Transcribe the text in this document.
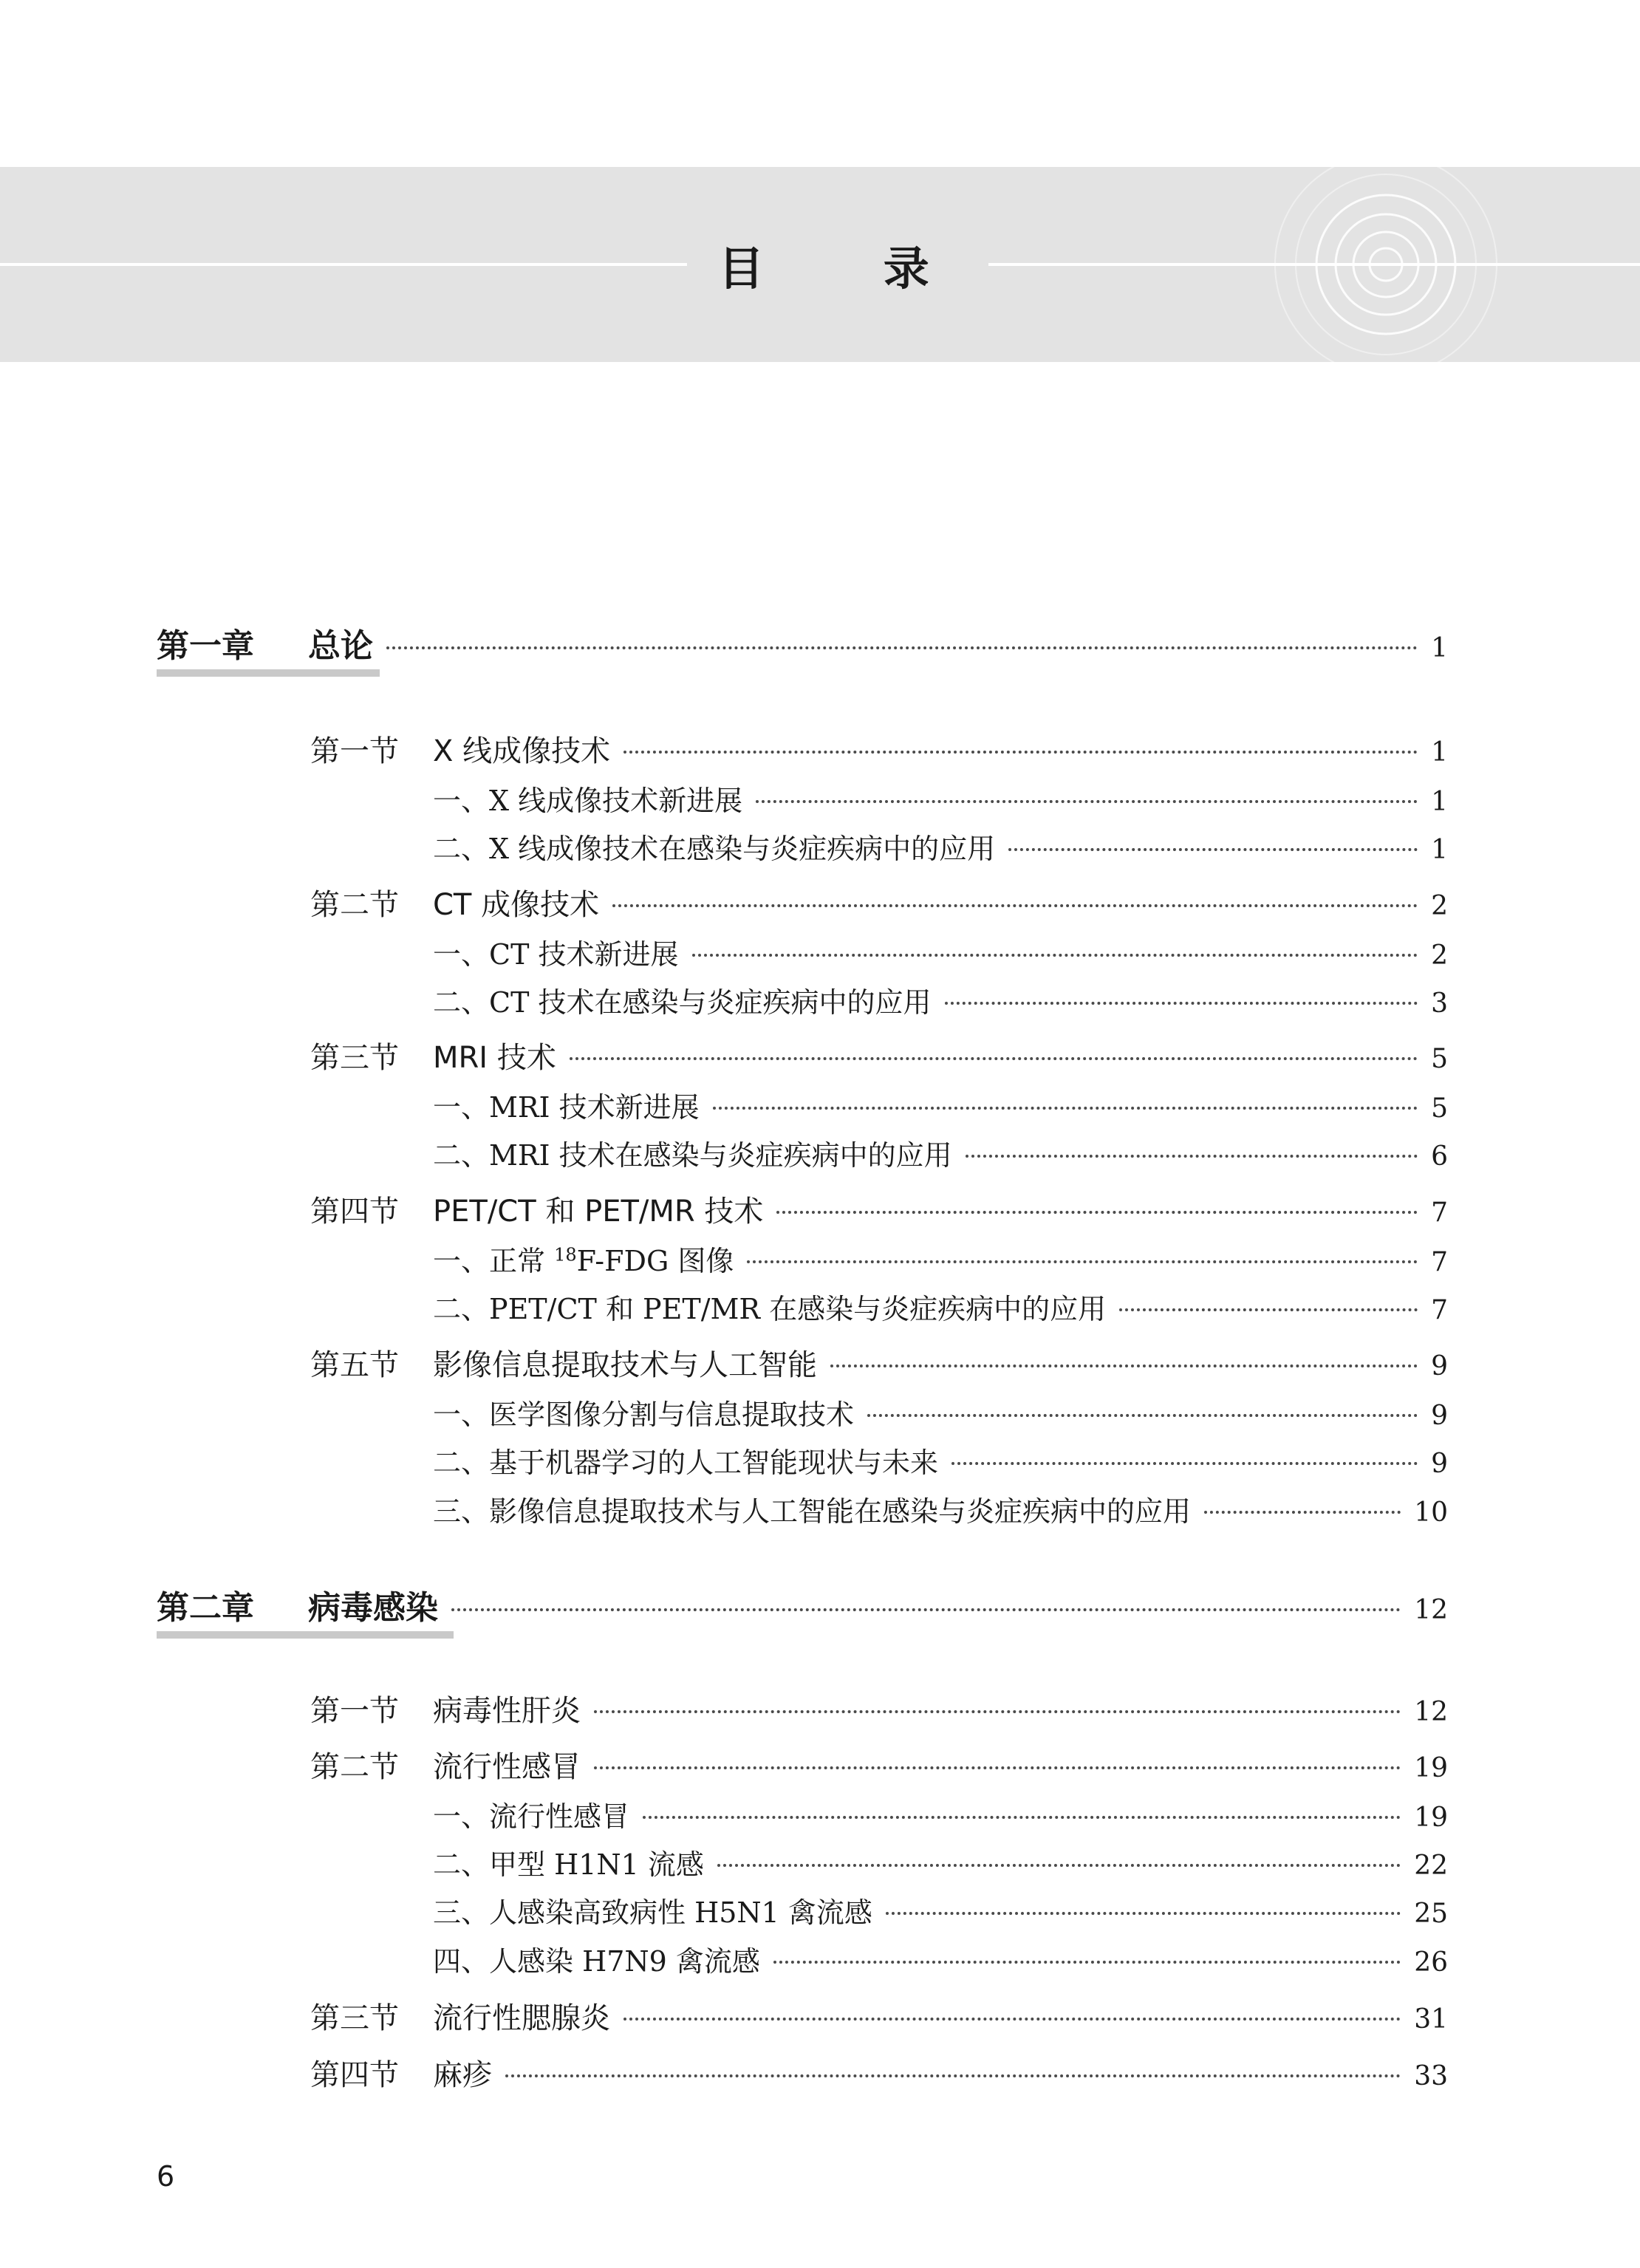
目 录
第一章 总论	1
第一节 X 线成像技术	1
一、X 线成像技术新进展	1
二、X 线成像技术在感染与炎症疾病中的应用	1
第二节 CT 成像技术	2
一、CT 技术新进展	2
二、CT 技术在感染与炎症疾病中的应用	3
第三节 MRI 技术	5
一、MRI 技术新进展	5
二、MRI 技术在感染与炎症疾病中的应用	6
第四节 PET/CT 和 PET/MR 技术	7
一、正常 $^{18}$F-FDG 图像	7
二、PET/CT 和 PET/MR 在感染与炎症疾病中的应用	7
第五节 影像信息提取技术与人工智能	9
一、医学图像分割与信息提取技术	9
二、基于机器学习的人工智能现状与未来	9
三、影像信息提取技术与人工智能在感染与炎症疾病中的应用	10
第二章 病毒感染	12
第一节 病毒性肝炎	12
第二节 流行性感冒	19
一、流行性感冒	19
二、甲型 H1N1 流感	22
三、人感染高致病性 H5N1 禽流感	25
四、人感染 H7N9 禽流感	26
第三节 流行性腮腺炎	31
第四节 麻疹	33
6
